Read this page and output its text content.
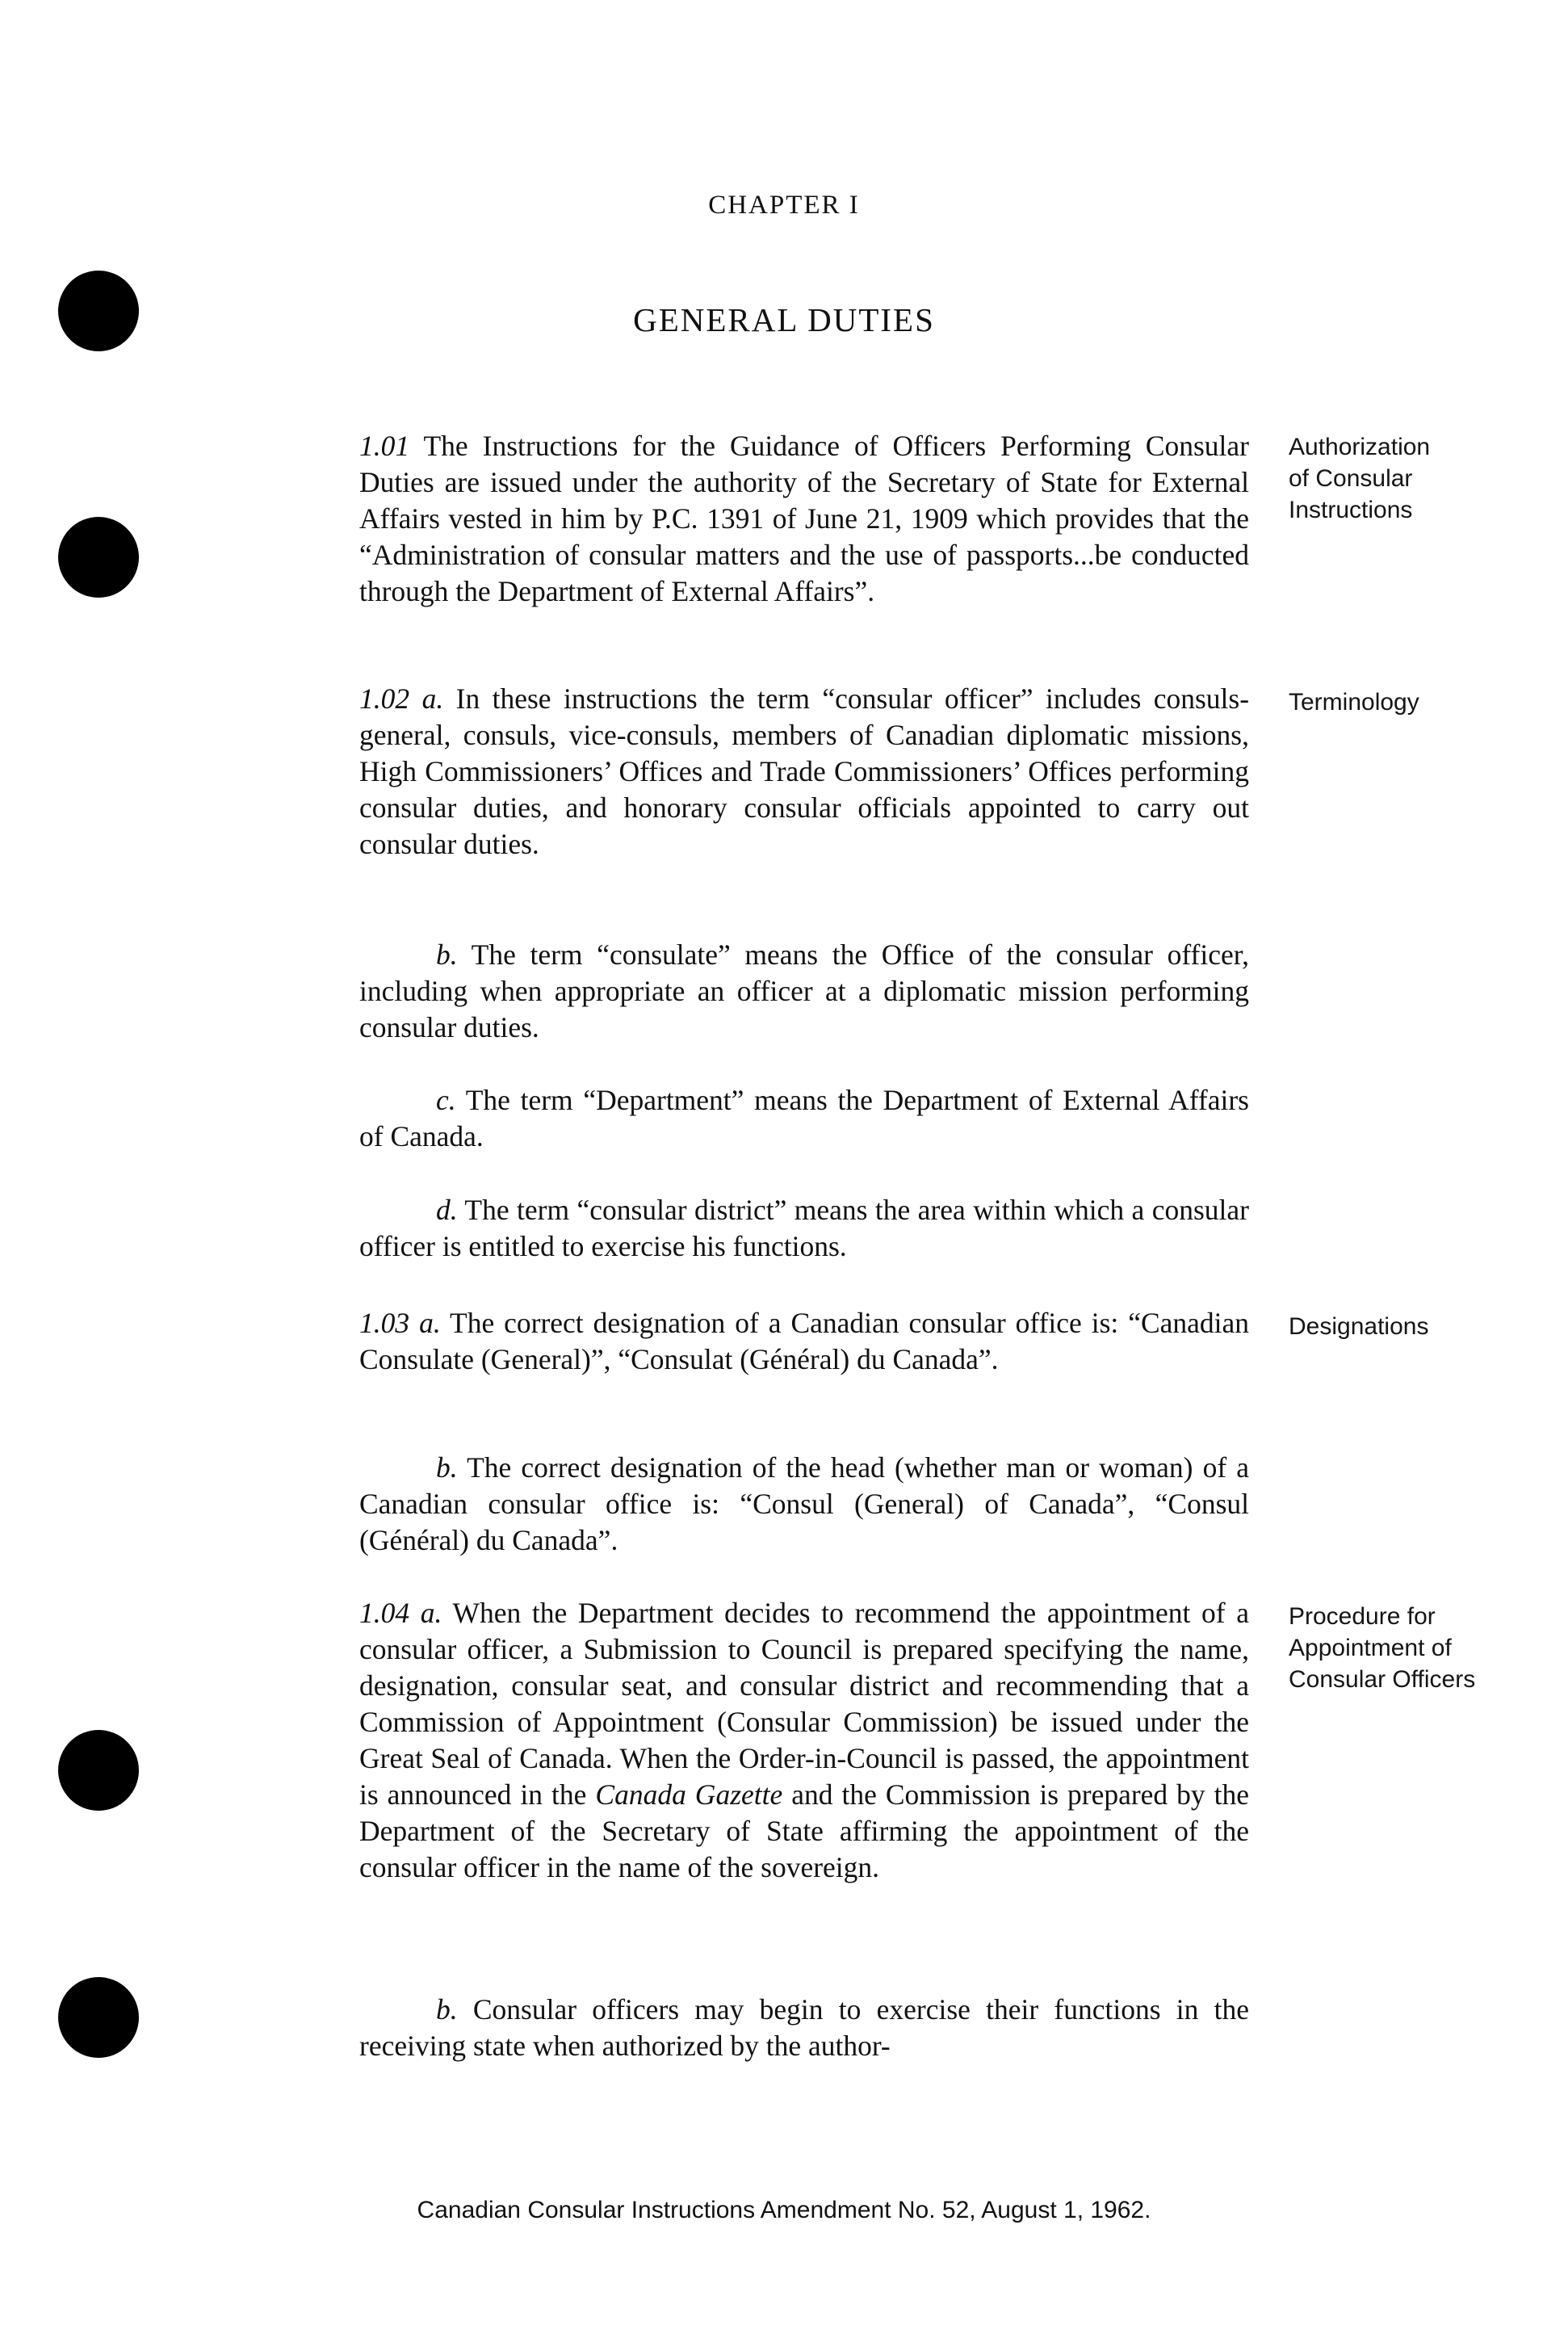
CHAPTER I
GENERAL DUTIES

1.01 The Instructions for the Guidance of Officers Performing Consular Duties are issued under the authority of the Secretary of State for External Affairs vested in him by P.C. 1391 of June 21, 1909 which provides that the “Administration of consular matters and the use of passports...be conducted through the Department of External Affairs”.

Authorization
of Consular
Instructions

1.02 a. In these instructions the term “consular officer” includes consuls-general, consuls, vice-consuls, members of Canadian diplomatic missions, High Commissioners’ Offices and Trade Commissioners’ Offices performing consular duties, and honorary consular officials appointed to carry out consular duties.

Terminology

b. The term “consulate” means the Office of the consular officer, including when appropriate an officer at a diplomatic mission performing consular duties.

c. The term “Department” means the Department of External Affairs of Canada.

d. The term “consular district” means the area within which a consular officer is entitled to exercise his functions.

1.03 a. The correct designation of a Canadian consular office is: “Canadian Consulate (General)”, “Consulat (Général) du Canada”.

Designations

b. The correct designation of the head (whether man or woman) of a Canadian consular office is: “Consul (General) of Canada”, “Consul (Général) du Canada”.

1.04 a. When the Department decides to recommend the appointment of a consular officer, a Submission to Council is prepared specifying the name, designation, consular seat, and consular district and recommending that a Commission of Appointment (Consular Commission) be issued under the Great Seal of Canada. When the Order-in-Council is passed, the appointment is announced in the Canada Gazette and the Commission is prepared by the Department of the Secretary of State affirming the appointment of the consular officer in the name of the sovereign.

Procedure for
Appointment of
Consular Officers

b. Consular officers may begin to exercise their functions in the receiving state when authorized by the author-

Canadian Consular Instructions Amendment No. 52, August 1, 1962.
